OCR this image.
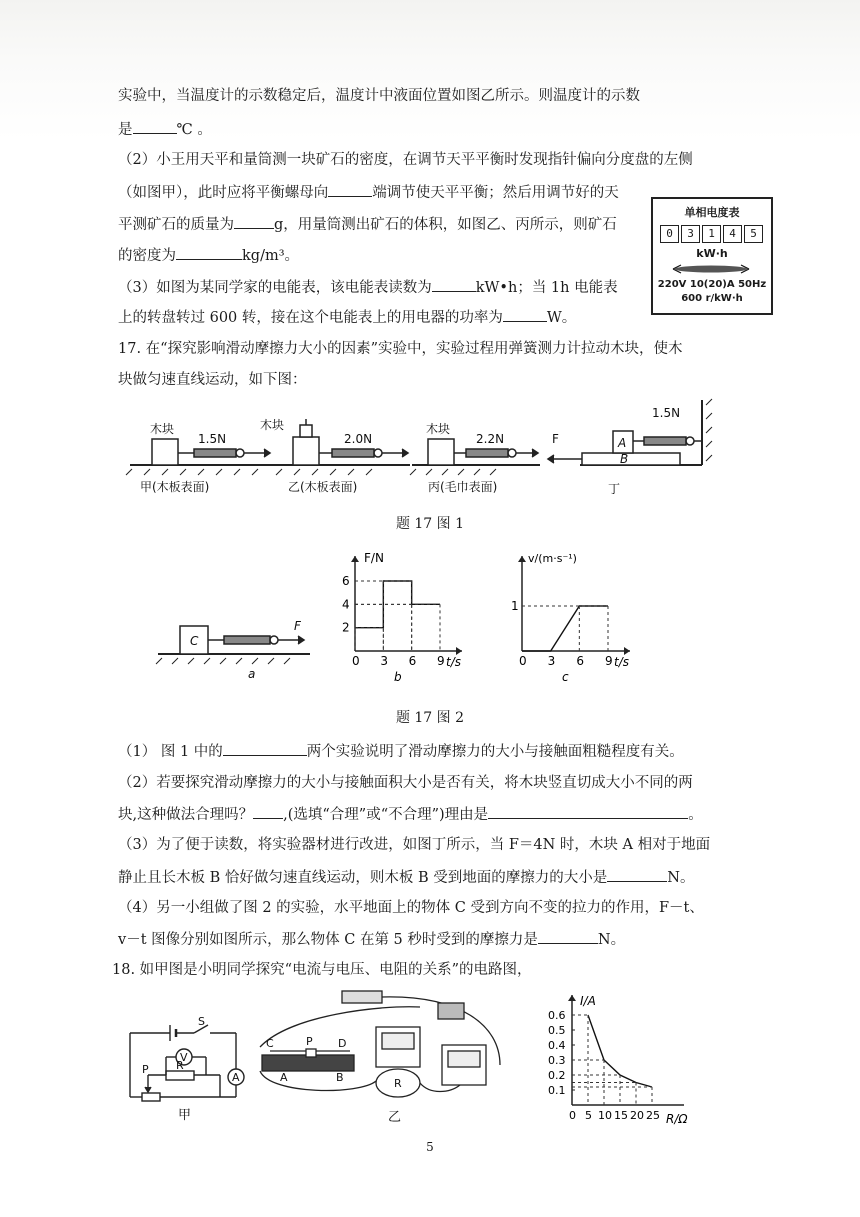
实验中，当温度计的示数稳定后，温度计中液面位置如图乙所示。则温度计的示数
是	℃ 。
（2）小王用天平和量筒测一块矿石的密度，在调节天平平衡时发现指针偏向分度盘的左侧
（如图甲），此时应将平衡螺母向	端调节使天平平衡；然后用调节好的天
平测矿石的质量为	g，用量筒测出矿石的体积，如图乙、丙所示，则矿石
的密度为	kg/m³。
（3）如图为某同学家的电能表，该电能表读数为	kW•h；当 1h 电能表
上的转盘转过 600 转，接在这个电能表上的用电器的功率为	W。
17. 在“探究影响滑动摩擦力大小的因素”实验中，实验过程用弹簧测力计拉动木块，使木
块做匀速直线运动，如下图：
单相电度表
0	3	1	4	5
kW·h
220V 10(20)A 50Hz
600 r/kW·h
木块
1.5N
木块
2.0N
木块
2.2N
1.5N
F	A
B
甲(木板表面)	乙(木板表面)	丙(毛巾表面)	丁
题 17 图 1
C
F
a
F/N
t/s
b
0 3 6 9
2
4
6
v/(m·s⁻¹)
t/s
c
0 3 6 9
1
题 17 图 2
（1） 图 1 中的	两个实验说明了滑动摩擦力的大小与接触面粗糙程度有关。
（2）若要探究滑动摩擦力的大小与接触面积大小是否有关，将木块竖直切成大小不同的两
块,这种做法合理吗？ ,(选填“合理”或“不合理”)理由是	。
（3）为了便于读数，将实验器材进行改进，如图丁所示，当 F＝4N 时，木块 A 相对于地面
静止且长木板 B 恰好做匀速直线运动，则木板 B 受到地面的摩擦力的大小是	N。
（4）另一小组做了图 2 的实验，水平地面上的物体 C 受到方向不变的拉力的作用，F－t、
v－t 图像分别如图所示，那么物体 C 在第 5 秒时受到的摩擦力是	N。
18. 如甲图是小明同学探究“电流与电压、电阻的关系”的电路图，
S
V
A
P R
甲
C	P D
A	B	R
乙
I/A
R/Ω
0 5 10 15 20 25
0.1
0.2
0.3
0.4
0.5
0.6
5
